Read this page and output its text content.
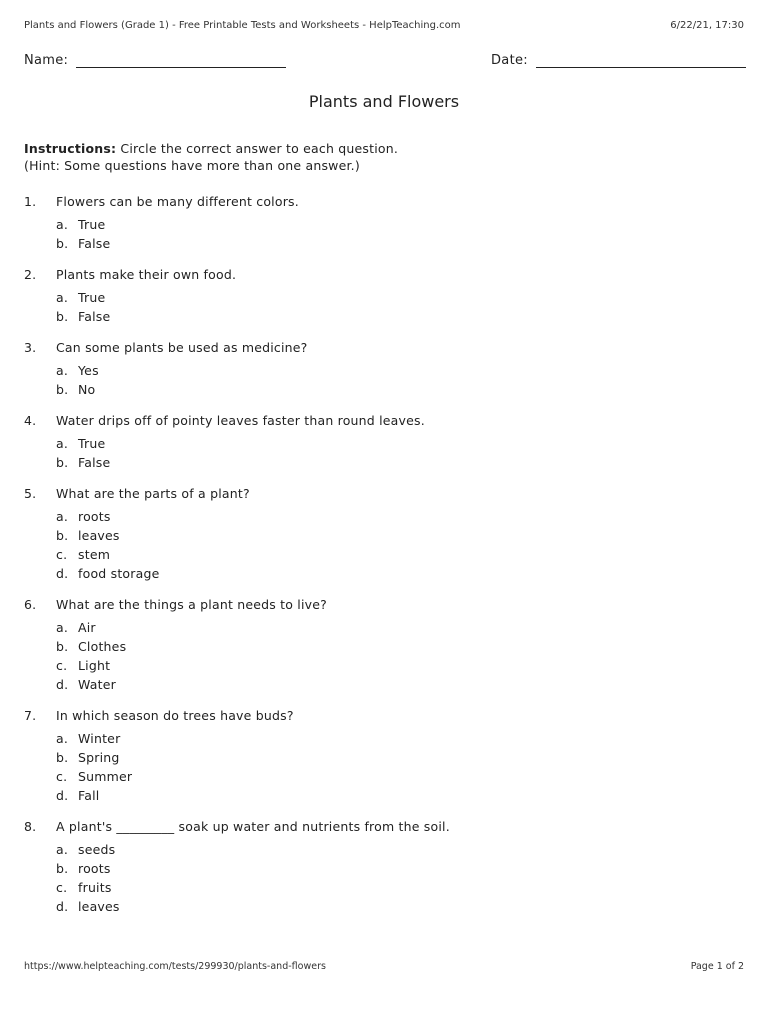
Plants and Flowers (Grade 1) - Free Printable Tests and Worksheets - HelpTeaching.com	6/22/21, 17:30
Name:	Date:
Plants and Flowers
Instructions: Circle the correct answer to each question.
(Hint: Some questions have more than one answer.)
1.	Flowers can be many different colors.
a. True
b. False
2.	Plants make their own food.
a. True
b. False
3.	Can some plants be used as medicine?
a. Yes
b. No
4.	Water drips off of pointy leaves faster than round leaves.
a. True
b. False
5.	What are the parts of a plant?
a. roots
b. leaves
c. stem
d. food storage
6.	What are the things a plant needs to live?
a. Air
b. Clothes
c. Light
d. Water
7.	In which season do trees have buds?
a. Winter
b. Spring
c. Summer
d. Fall
8.	A plant's _________ soak up water and nutrients from the soil.
a. seeds
b. roots
c. fruits
d. leaves
https://www.helpteaching.com/tests/299930/plants-and-flowers	Page 1 of 2
